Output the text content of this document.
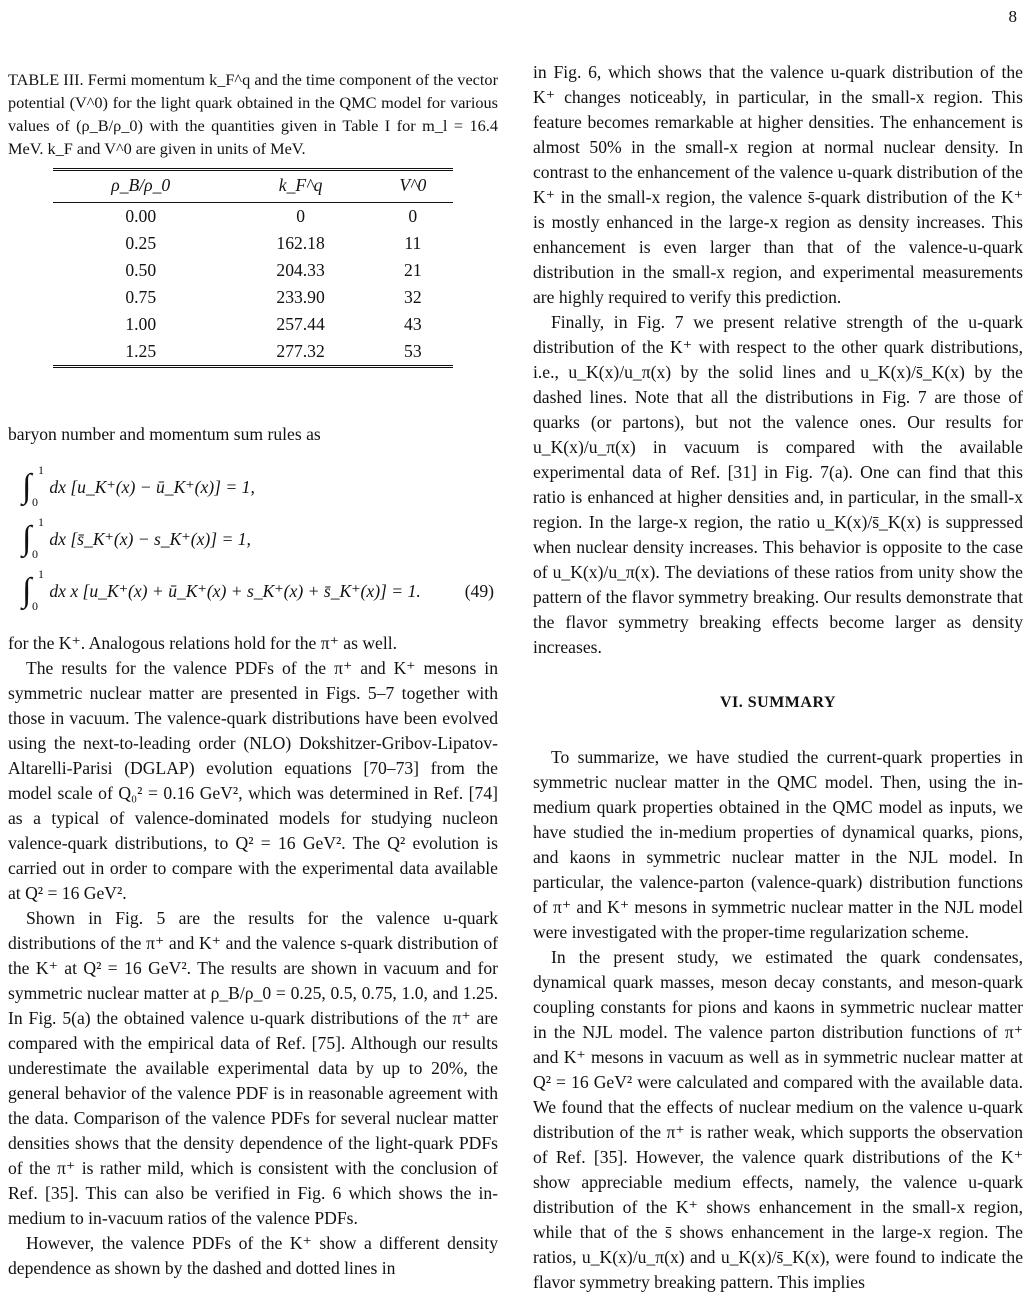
8
TABLE III. Fermi momentum k_F^q and the time component of the vector potential (V^0) for the light quark obtained in the QMC model for various values of (ρ_B/ρ_0) with the quantities given in Table I for m_l = 16.4 MeV. k_F and V^0 are given in units of MeV.
ρ_B/ρ_0	k_F^q	V^0
0.00	0	0
0.25	162.18	11
0.50	204.33	21
0.75	233.90	32
1.00	257.44	43
1.25	277.32	53

baryon number and momentum sum rules as

∫ 1
0
dx [u_K⁺(x) − ū_K⁺(x)] = 1,
∫ 1
0
dx [s̄_K⁺(x) − s_K⁺(x)] = 1,
∫ 1
0
dx x [u_K⁺(x) + ū_K⁺(x) + s_K⁺(x) + s̄_K⁺(x)] = 1. (49)

for the K⁺. Analogous relations hold for the π⁺ as well.

The results for the valence PDFs of the π⁺ and K⁺ mesons in symmetric nuclear matter are presented in Figs. 5–7 together with those in vacuum. The valence-quark distributions have been evolved using the next-to-leading order (NLO) Dokshitzer-Gribov-Lipatov-Altarelli-Parisi (DGLAP) evolution equations [70–73] from the model scale of Q₀² = 0.16 GeV², which was determined in Ref. [74] as a typical of valence-dominated models for studying nucleon valence-quark distributions, to Q² = 16 GeV². The Q² evolution is carried out in order to compare with the experimental data available at Q² = 16 GeV².

Shown in Fig. 5 are the results for the valence u-quark distributions of the π⁺ and K⁺ and the valence s-quark distribution of the K⁺ at Q² = 16 GeV². The results are shown in vacuum and for symmetric nuclear matter at ρ_B/ρ_0 = 0.25, 0.5, 0.75, 1.0, and 1.25. In Fig. 5(a) the obtained valence u-quark distributions of the π⁺ are compared with the empirical data of Ref. [75]. Although our results underestimate the available experimental data by up to 20%, the general behavior of the valence PDF is in reasonable agreement with the data. Comparison of the valence PDFs for several nuclear matter densities shows that the density dependence of the light-quark PDFs of the π⁺ is rather mild, which is consistent with the conclusion of Ref. [35]. This can also be verified in Fig. 6 which shows the in-medium to in-vacuum ratios of the valence PDFs.

However, the valence PDFs of the K⁺ show a different density dependence as shown by the dashed and dotted lines in

in Fig. 6, which shows that the valence u-quark distribution of the K⁺ changes noticeably, in particular, in the small-x region. This feature becomes remarkable at higher densities. The enhancement is almost 50% in the small-x region at normal nuclear density. In contrast to the enhancement of the valence u-quark distribution of the K⁺ in the small-x region, the valence s̄-quark distribution of the K⁺ is mostly enhanced in the large-x region as density increases. This enhancement is even larger than that of the valence-u-quark distribution in the small-x region, and experimental measurements are highly required to verify this prediction.

Finally, in Fig. 7 we present relative strength of the u-quark distribution of the K⁺ with respect to the other quark distributions, i.e., u_K(x)/u_π(x) by the solid lines and u_K(x)/s̄_K(x) by the dashed lines. Note that all the distributions in Fig. 7 are those of quarks (or partons), but not the valence ones. Our results for u_K(x)/u_π(x) in vacuum is compared with the available experimental data of Ref. [31] in Fig. 7(a). One can find that this ratio is enhanced at higher densities and, in particular, in the small-x region. In the large-x region, the ratio u_K(x)/s̄_K(x) is suppressed when nuclear density increases. This behavior is opposite to the case of u_K(x)/u_π(x). The deviations of these ratios from unity show the pattern of the flavor symmetry breaking. Our results demonstrate that the flavor symmetry breaking effects become larger as density increases.

VI. SUMMARY

To summarize, we have studied the current-quark properties in symmetric nuclear matter in the QMC model. Then, using the in-medium quark properties obtained in the QMC model as inputs, we have studied the in-medium properties of dynamical quarks, pions, and kaons in symmetric nuclear matter in the NJL model. In particular, the valence-parton (valence-quark) distribution functions of π⁺ and K⁺ mesons in symmetric nuclear matter in the NJL model were investigated with the proper-time regularization scheme.

In the present study, we estimated the quark condensates, dynamical quark masses, meson decay constants, and meson-quark coupling constants for pions and kaons in symmetric nuclear matter in the NJL model. The valence parton distribution functions of π⁺ and K⁺ mesons in vacuum as well as in symmetric nuclear matter at Q² = 16 GeV² were calculated and compared with the available data. We found that the effects of nuclear medium on the valence u-quark distribution of the π⁺ is rather weak, which supports the observation of Ref. [35]. However, the valence quark distributions of the K⁺ show appreciable medium effects, namely, the valence u-quark distribution of the K⁺ shows enhancement in the small-x region, while that of the s̄ shows enhancement in the large-x region. The ratios, u_K(x)/u_π(x) and u_K(x)/s̄_K(x), were found to indicate the flavor symmetry breaking pattern. This implies
